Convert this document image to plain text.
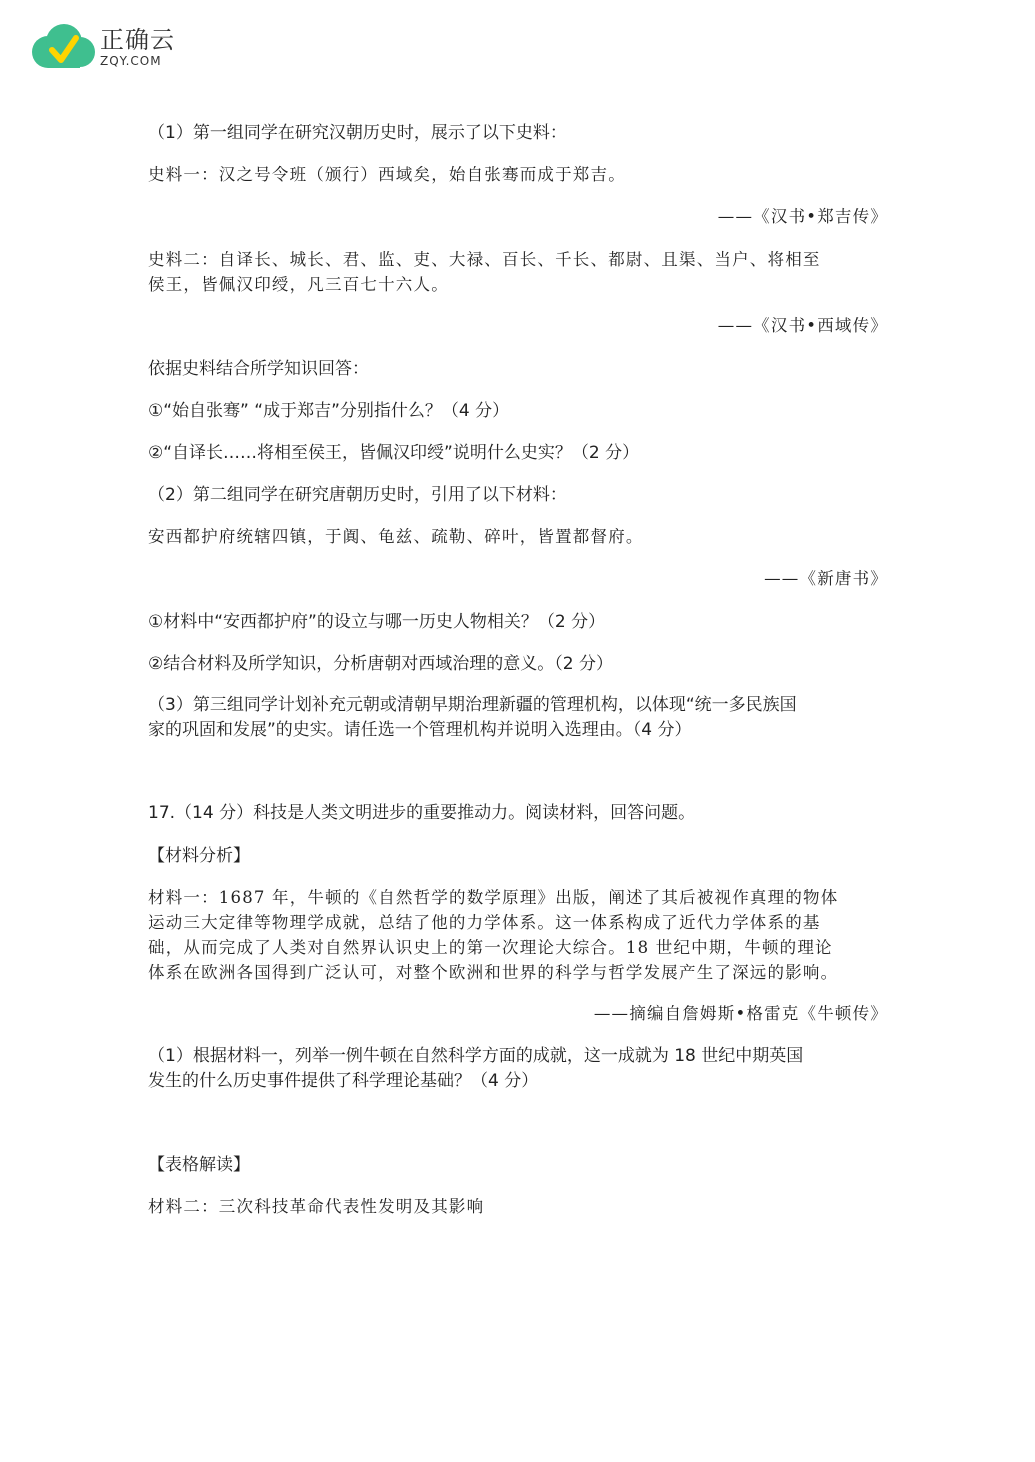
正确云
ZQY.COM
（1）第一组同学在研究汉朝历史时，展示了以下史料：
史料一：汉之号令班（颁行）西域矣，始自张骞而成于郑吉。
——《汉书•郑吉传》
史料二：自译长、城长、君、监、吏、大禄、百长、千长、都尉、且渠、当户、将相至
侯王，皆佩汉印绶，凡三百七十六人。
——《汉书•西域传》
依据史料结合所学知识回答：
①“始自张骞” “成于郑吉”分别指什么？（4 分）
②“自译长……将相至侯王，皆佩汉印绶”说明什么史实？（2 分）
（2）第二组同学在研究唐朝历史时，引用了以下材料：
安西都护府统辖四镇，于阗、龟兹、疏勒、碎叶，皆置都督府。
——《新唐书》
①材料中“安西都护府”的设立与哪一历史人物相关？（2 分）
②结合材料及所学知识，分析唐朝对西域治理的意义。（2 分）
（3）第三组同学计划补充元朝或清朝早期治理新疆的管理机构，以体现“统一多民族国
家的巩固和发展”的史实。请任选一个管理机构并说明入选理由。（4 分）
17.（14 分）科技是人类文明进步的重要推动力。阅读材料，回答问题。
【材料分析】
材料一：1687 年，牛顿的《自然哲学的数学原理》出版，阐述了其后被视作真理的物体
运动三大定律等物理学成就，总结了他的力学体系。这一体系构成了近代力学体系的基
础，从而完成了人类对自然界认识史上的第一次理论大综合。18 世纪中期，牛顿的理论
体系在欧洲各国得到广泛认可，对整个欧洲和世界的科学与哲学发展产生了深远的影响。
——摘编自詹姆斯•格雷克《牛顿传》
（1）根据材料一，列举一例牛顿在自然科学方面的成就，这一成就为 18 世纪中期英国
发生的什么历史事件提供了科学理论基础？（4 分）
【表格解读】
材料二：三次科技革命代表性发明及其影响
